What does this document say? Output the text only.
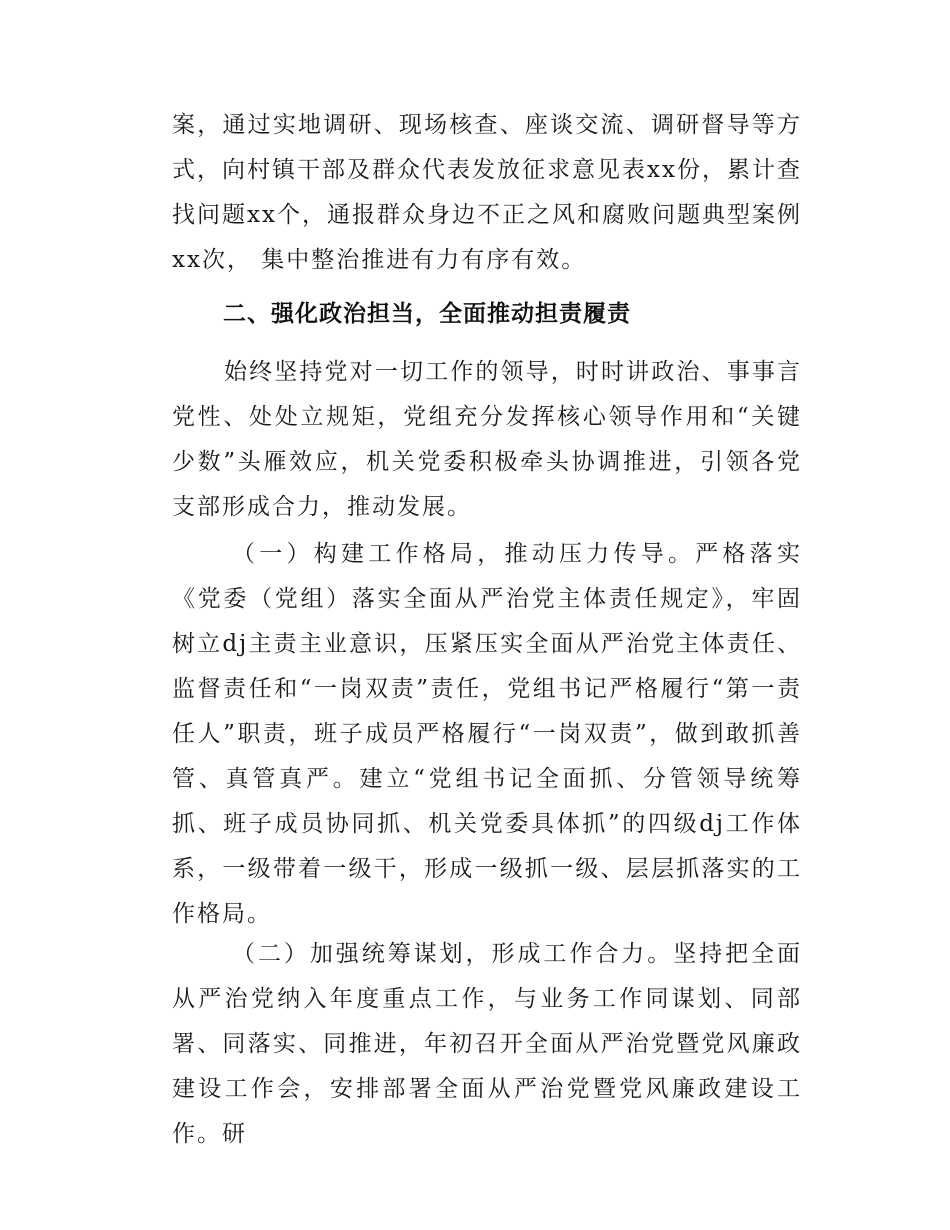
案，通过实地调研、现场核查、座谈交流、调研督导等方式，向村镇干部及群众代表发放征求意见表xx份，累计查找问题xx个，通报群众身边不正之风和腐败问题典型案例xx次， 集中整治推进有力有序有效。
二、强化政治担当，全面推动担责履责
始终坚持党对一切工作的领导，时时讲政治、事事言党性、处处立规矩，党组充分发挥核心领导作用和“关键少数”头雁效应，机关党委积极牵头协调推进，引领各党支部形成合力，推动发展。
（一）构建工作格局，推动压力传导。严格落实《党委（党组）落实全面从严治党主体责任规定》，牢固树立dj主责主业意识，压紧压实全面从严治党主体责任、监督责任和“一岗双责”责任，党组书记严格履行“第一责任人”职责，班子成员严格履行“一岗双责”，做到敢抓善管、真管真严。建立“党组书记全面抓、分管领导统筹抓、班子成员协同抓、机关党委具体抓”的四级dj工作体系，一级带着一级干，形成一级抓一级、层层抓落实的工作格局。
（二）加强统筹谋划，形成工作合力。坚持把全面从严治党纳入年度重点工作，与业务工作同谋划、同部署、同落实、同推进，年初召开全面从严治党暨党风廉政建设工作会，安排部署全面从严治党暨党风廉政建设工作。研
